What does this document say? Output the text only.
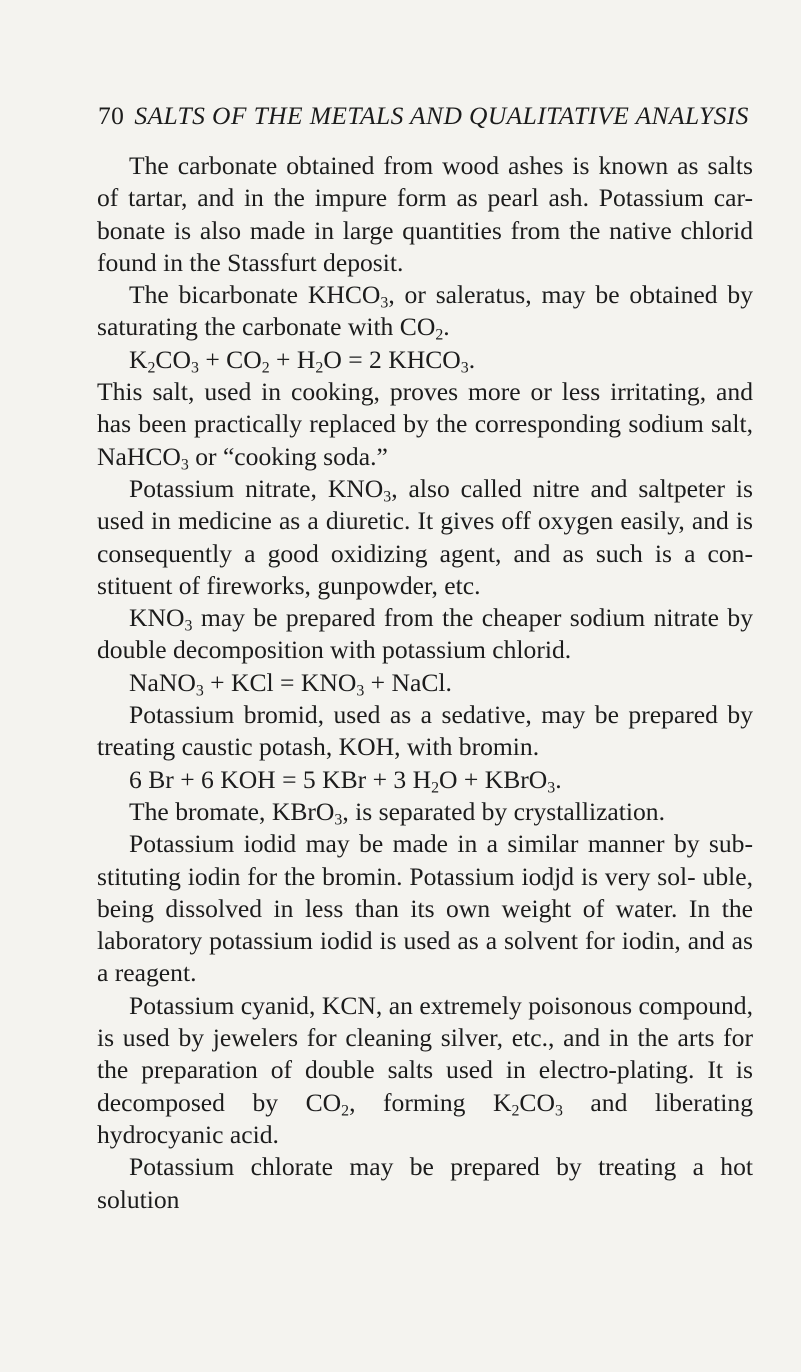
70 SALTS OF THE METALS AND QUALITATIVE ANALYSIS

The carbonate obtained from wood ashes is known as salts of tartar, and in the impure form as pearl ash. Potassium car- bonate is also made in large quantities from the native chlorid found in the Stassfurt deposit.

The bicarbonate $KHCO_3$, or saleratus, may be obtained by saturating the carbonate with $CO_2$.

$K_2CO_3 + CO_2 + H_2O = 2$ $KHCO_3$.

This salt, used in cooking, proves more or less irritating, and has been practically replaced by the corresponding sodium salt, NaHCO$_3$ or “cooking soda.”

Potassium nitrate, $KNO_3$, also called nitre and saltpeter is used in medicine as a diuretic. It gives off oxygen easily, and is consequently a good oxidizing agent, and as such is a con- stituent of fireworks, gunpowder, etc.

$KNO_3$ may be prepared from the cheaper sodium nitrate by double decomposition with potassium chlorid.

NaNO$_3$ + KCl = $KNO_3$ + NaCl.

Potassium bromid, used as a sedative, may be prepared by treating caustic potash, KOH, with bromin.

6 Br + 6 KOH = 5 KBr + 3 $H_2O$ + KBrO$_3$.

The bromate, KBrO$_3$, is separated by crystallization.

Potassium iodid may be made in a similar manner by sub- stituting iodin for the bromin. Potassium iodjd is very sol- uble, being dissolved in less than its own weight of water. In the laboratory potassium iodid is used as a solvent for iodin, and as a reagent.

Potassium cyanid, KCN, an extremely poisonous compound, is used by jewelers for cleaning silver, etc., and in the arts for the preparation of double salts used in electro-plating. It is decomposed by $CO_2$, forming $K_2CO_3$ and liberating hydrocyanic acid.

Potassium chlorate may be prepared by treating a hot solution
